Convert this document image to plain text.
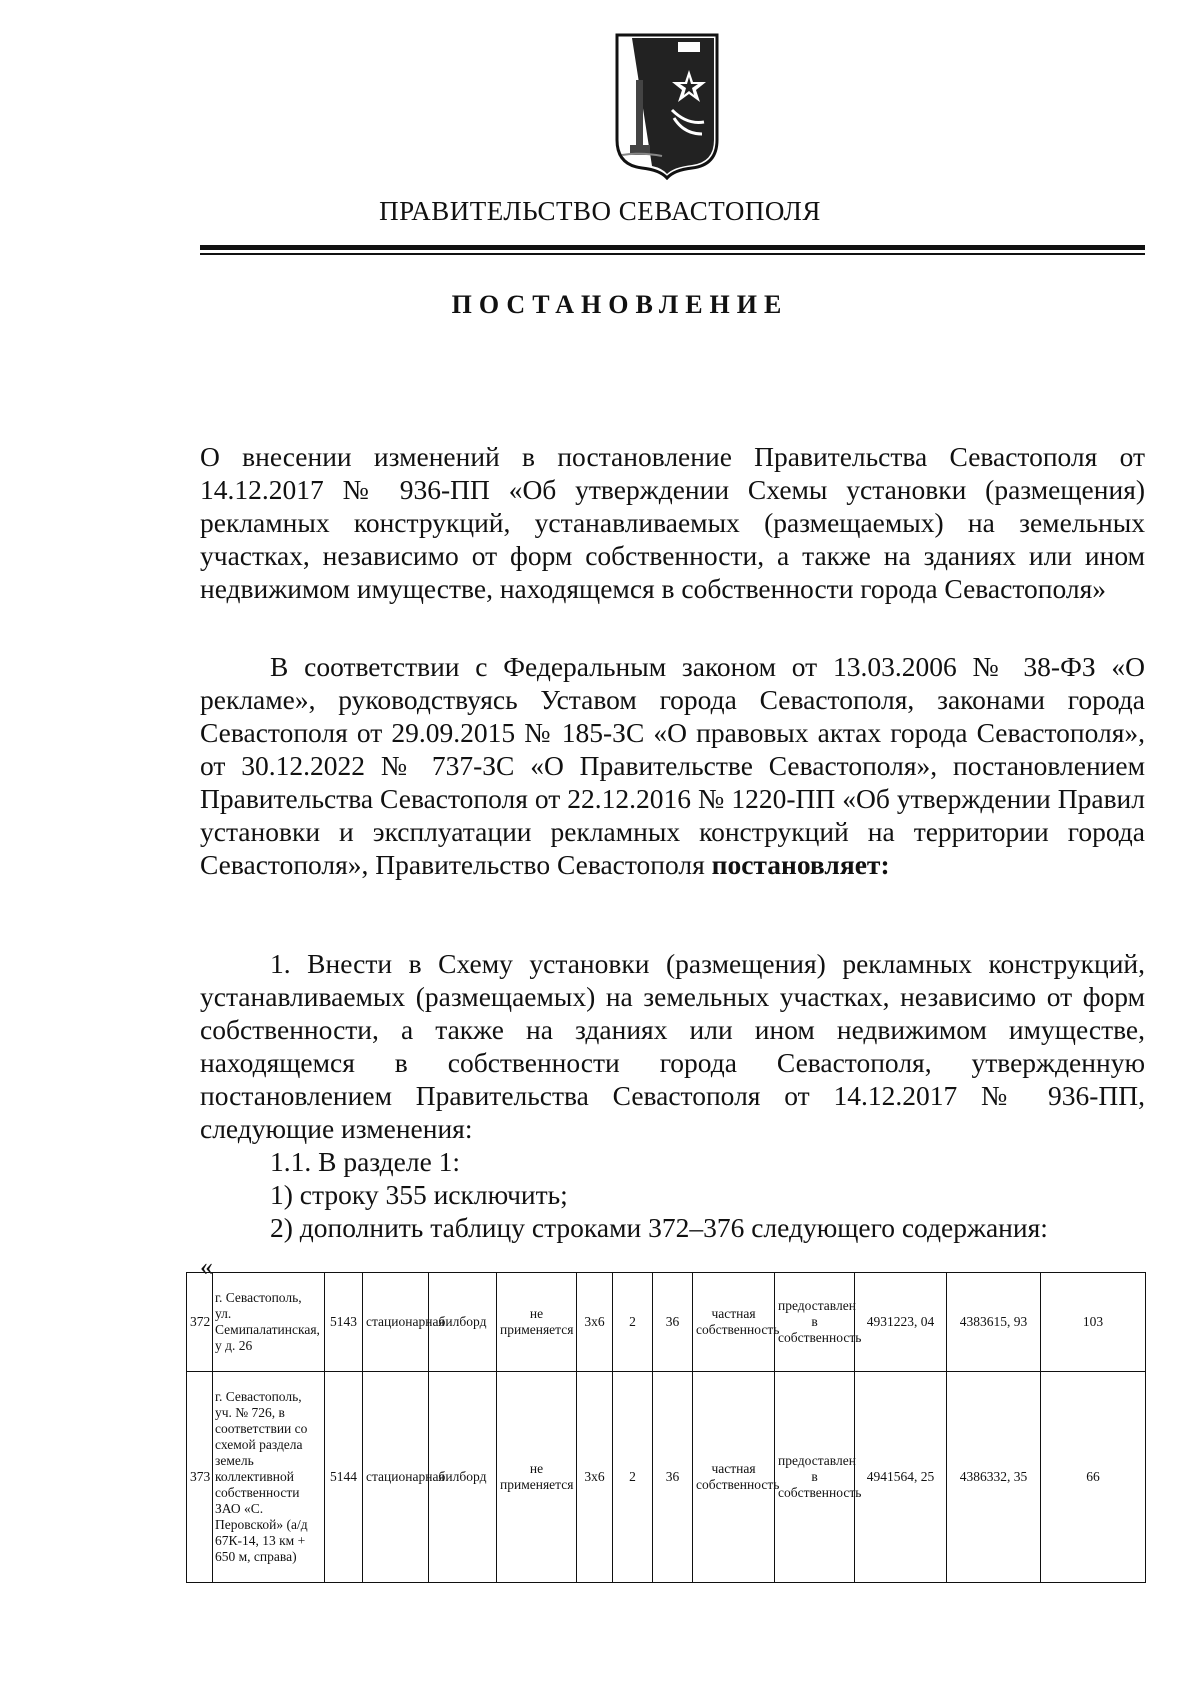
ПРАВИТЕЛЬСТВО СЕВАСТОПОЛЯ
ПОСТАНОВЛЕНИЕ
О внесении изменений в постановление Правительства Севастополя от 14.12.2017 № 936-ПП «Об утверждении Схемы установки (размещения) рекламных конструкций, устанавливаемых (размещаемых) на земельных участках, независимо от форм собственности, а также на зданиях или ином недвижимом имуществе, находящемся в собственности города Севастополя»
В соответствии с Федеральным законом от 13.03.2006 № 38-ФЗ «О рекламе», руководствуясь Уставом города Севастополя, законами города Севастополя от 29.09.2015 № 185-ЗС «О правовых актах города Севастополя», от 30.12.2022 № 737-ЗС «О Правительстве Севастополя», постановлением Правительства Севастополя от 22.12.2016 № 1220-ПП «Об утверждении Правил установки и эксплуатации рекламных конструкций на территории города Севастополя», Правительство Севастополя постановляет:
1. Внести в Схему установки (размещения) рекламных конструкций, устанавливаемых (размещаемых) на земельных участках, независимо от форм собственности, а также на зданиях или ином недвижимом имуществе, находящемся в собственности города Севастополя, утвержденную постановлением Правительства Севастополя от 14.12.2017 № 936-ПП, следующие изменения:
1.1. В разделе 1:
1) строку 355 исключить;
2) дополнить таблицу строками 372–376 следующего содержания:
«
372	г. Севастополь, ул. Семипалатинская, у д. 26	5143	стационарная	билборд	не применяется	3х6	2	36	частная собственность	предоставлен в собственность	4931223, 04	4383615, 93	103
373	г. Севастополь, уч. № 726, в соответствии со схемой раздела земель коллективной собственности ЗАО «С. Перовской» (а/д 67К-14, 13 км + 650 м, справа)	5144	стационарная	билборд	не применяется	3х6	2	36	частная собственность	предоставлен в собственность	4941564, 25	4386332, 35	66
